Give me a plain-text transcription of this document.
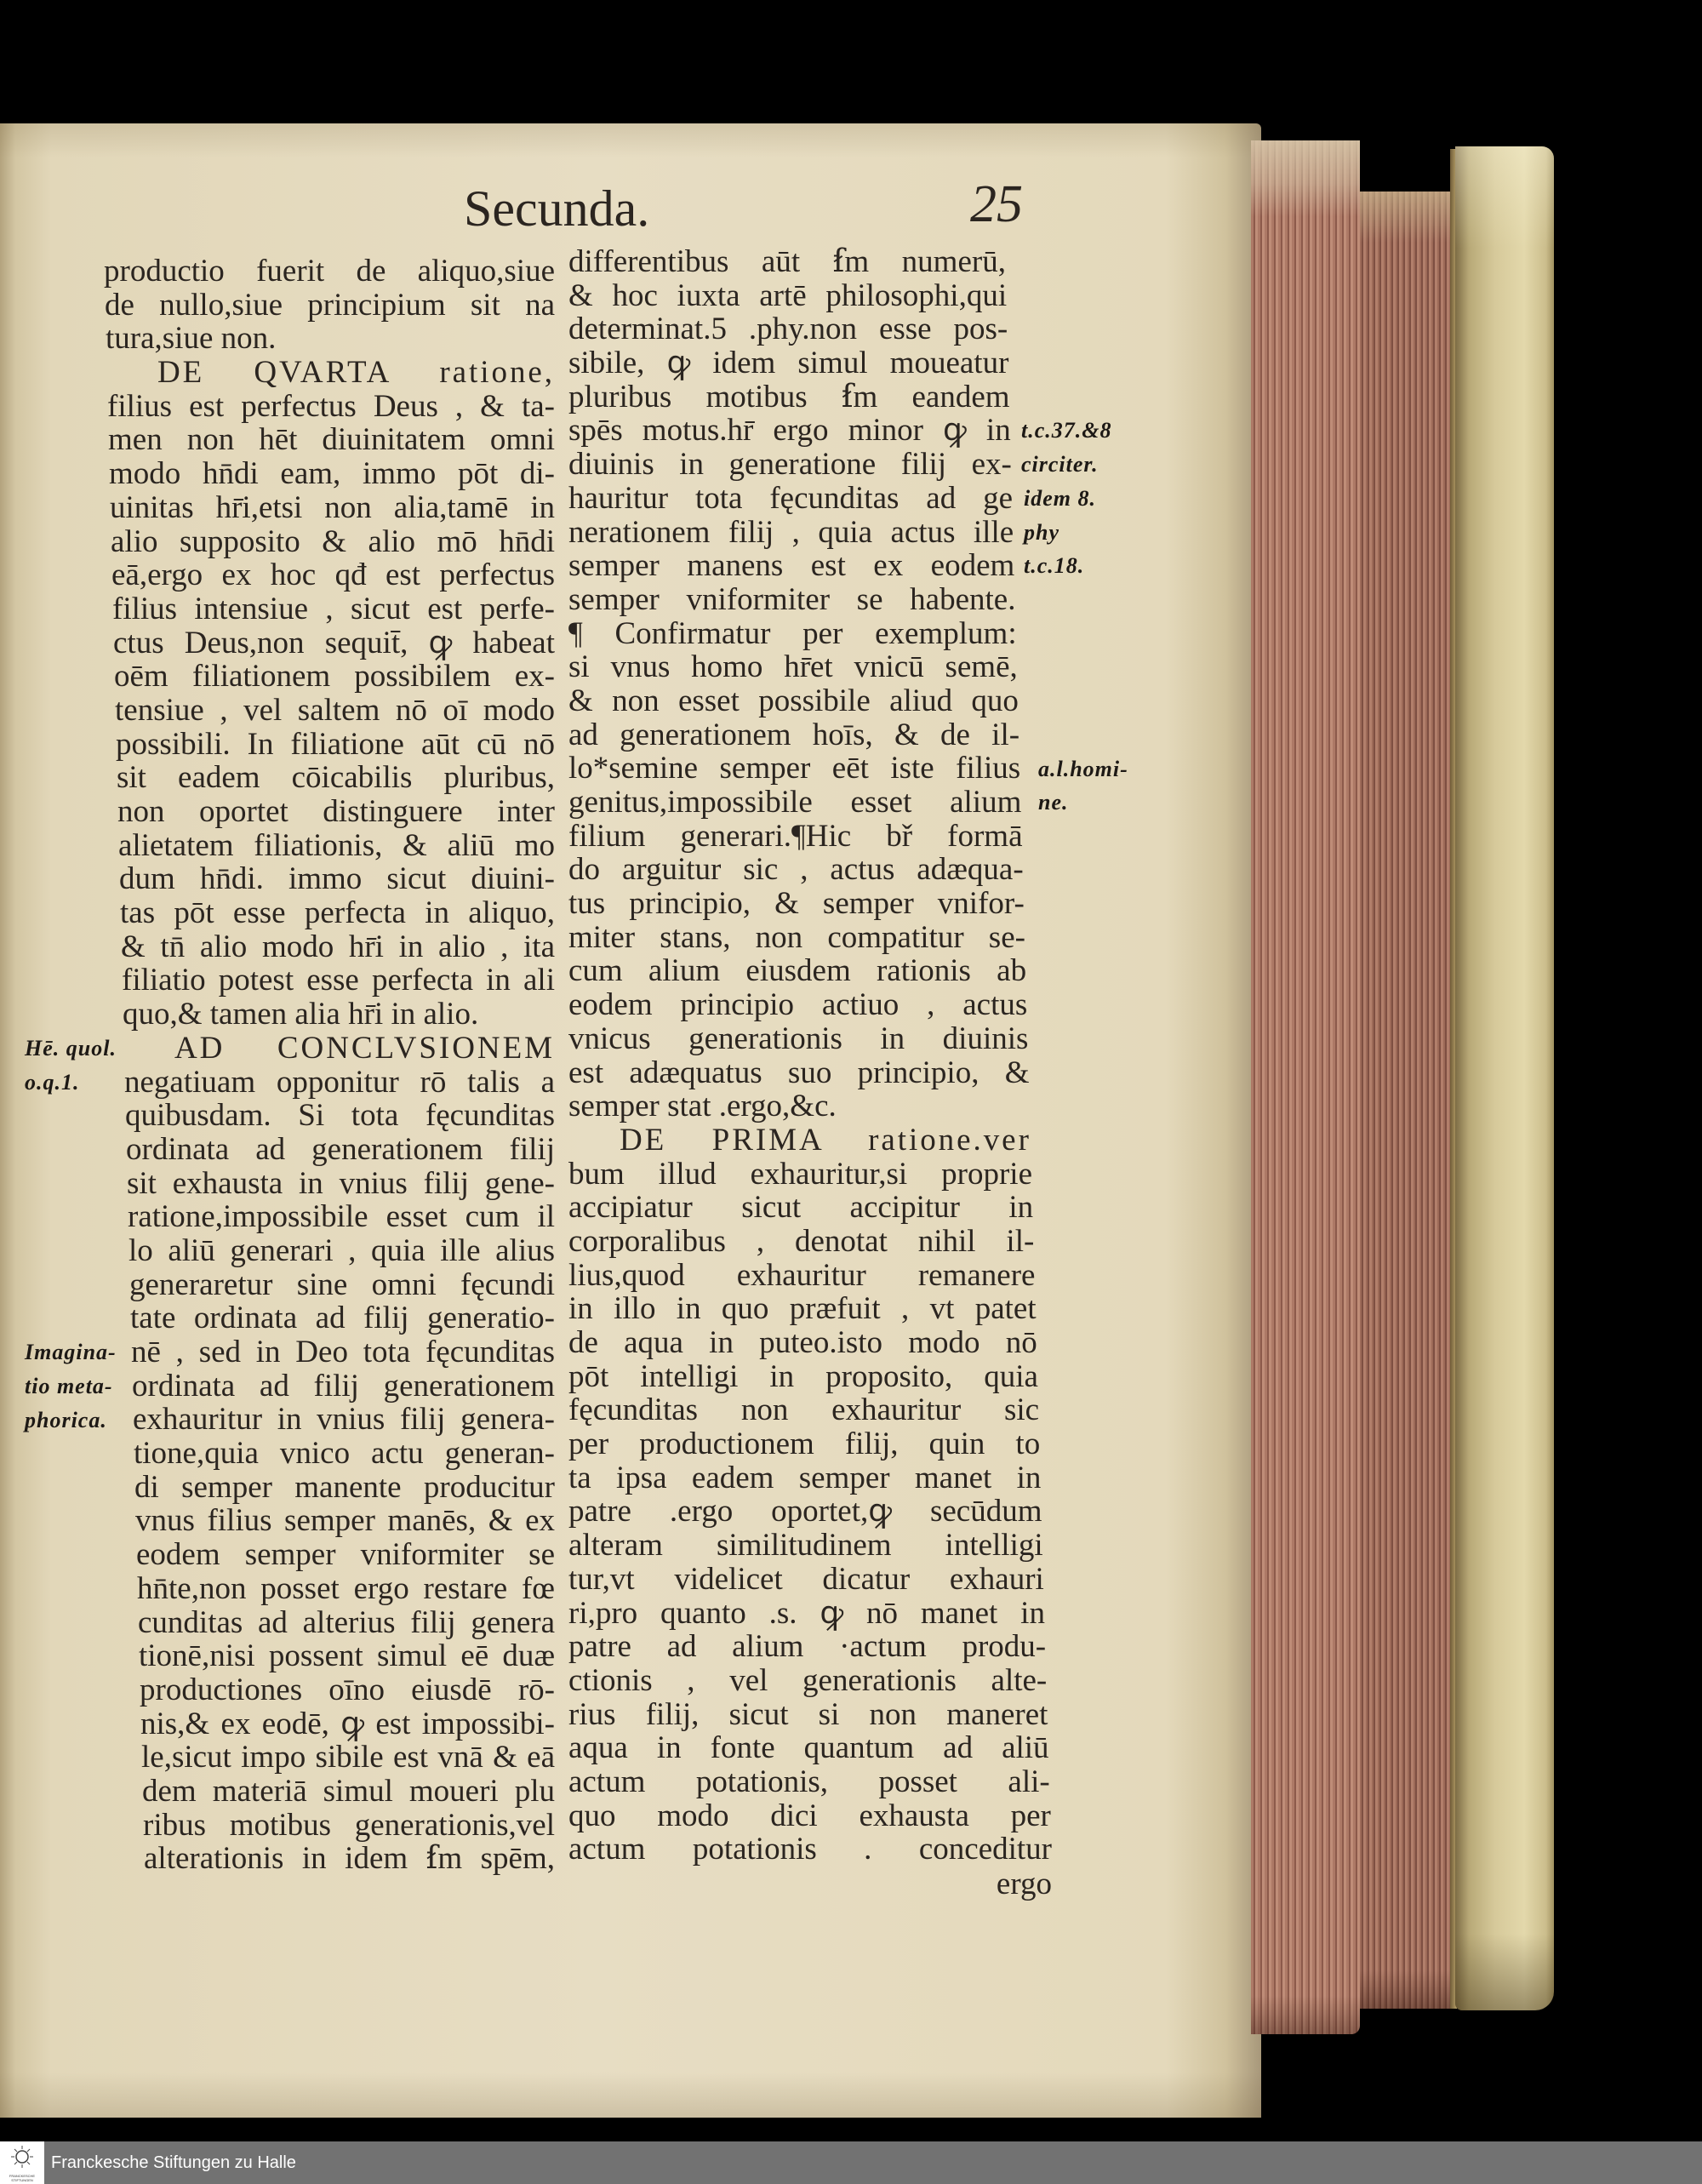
Secunda.	25
productio fuerit de aliquo,siue
de nullo,siue principium sit na
tura,siue non.
DE QVARTA ratione,
filius est perfectus Deus , & ta-
men non hēt diuinitatem omni
modo hn̄di eam, immo pōt di-
uinitas hr̄i,etsi non alia,tamē in
alio supposito & alio mō hn̄di
eā,ergo ex hoc qđ est perfectus
filius intensiue , sicut est perfe-
ctus Deus,non sequit̄, ꝙ habeat
oēm filiationem possibilem ex-
tensiue , vel saltem nō oī modo
possibili. In filiatione aūt cū nō
sit eadem cōicabilis pluribus,
non oportet distinguere inter
alietatem filiationis, & aliū mo
dum hn̄di. immo sicut diuini-
tas pōt esse perfecta in aliquo,
& tn̄ alio modo hr̄i in alio , ita
filiatio potest esse perfecta in ali
quo,& tamen alia hr̄i in alio.
AD CONCLVSIONEM
negatiuam opponitur rō talis a
quibusdam. Si tota fęcunditas
ordinata ad generationem filij
sit exhausta in vnius filij gene-
ratione,impossibile esset cum il
lo aliū generari , quia ille alius
generaretur sine omni fęcundi
tate ordinata ad filij generatio-
nē , sed in Deo tota fęcunditas
ordinata ad filij generationem
exhauritur in vnius filij genera-
tione,quia vnico actu generan-
di semper manente producitur
vnus filius semper manēs, & ex
eodem semper vniformiter se
hn̄te,non posset ergo restare fœ
cunditas ad alterius filij genera
tionē,nisi possent simul eē duæ
productiones oīno eiusdē rō-
nis,& ex eodē, ꝙ est impossibi-
le,sicut impo sibile est vnā & eā
dem materiā simul moueri plu
ribus motibus generationis,vel
alterationis in idem ẜm spēm,
differentibus aūt ẜm numerū,
& hoc iuxta artē philosophi,qui
determinat.5 .phy.non esse pos-
sibile, ꝙ idem simul moueatur
pluribus motibus ẜm eandem
spēs motus.hr̄ ergo minor ꝙ in
diuinis in generatione filij ex-
hauritur tota fęcunditas ad ge
nerationem filij , quia actus ille
semper manens est ex eodem
semper vniformiter se habente.
¶ Confirmatur per exemplum:
si vnus homo hr̄et vnicū semē,
& non esset possibile aliud quo
ad generationem hoīs, & de il-
lo*semine semper eēt iste filius
genitus,impossibile esset alium
filium generari.¶Hic bř formā
do arguitur sic , actus adæqua-
tus principio, & semper vnifor-
miter stans, non compatitur se-
cum alium eiusdem rationis ab
eodem principio actiuo , actus
vnicus generationis in diuinis
est adæquatus suo principio, &
semper stat .ergo,&c.
DE PRIMA ratione.ver
bum illud exhauritur,si proprie
accipiatur sicut accipitur in
corporalibus , denotat nihil il-
lius,quod exhauritur remanere
in illo in quo præfuit , vt patet
de aqua in puteo.isto modo nō
pōt intelligi in proposito, quia
fęcunditas non exhauritur sic
per productionem filij, quin to
ta ipsa eadem semper manet in
patre .ergo oportet,ꝙ secūdum
alteram similitudinem intelligi
tur,vt videlicet dicatur exhauri
ri,pro quanto .s. ꝙ nō manet in
patre ad alium ·actum produ-
ctionis , vel generationis alte-
rius filij, sicut si non maneret
aqua in fonte quantum ad aliū
actum potationis, posset ali-
quo modo dici exhausta per
actum potationis . conceditur
ergo
Hē. quol.
o.q.1.
Imagina-
tio meta-
phorica.
t.c.37.&8
circiter.
idem 8.
phy
t.c.18.
a.l.homi-
ne.
FRANCKESCHE STIFTUNGEN
Franckesche Stiftungen zu Halle
